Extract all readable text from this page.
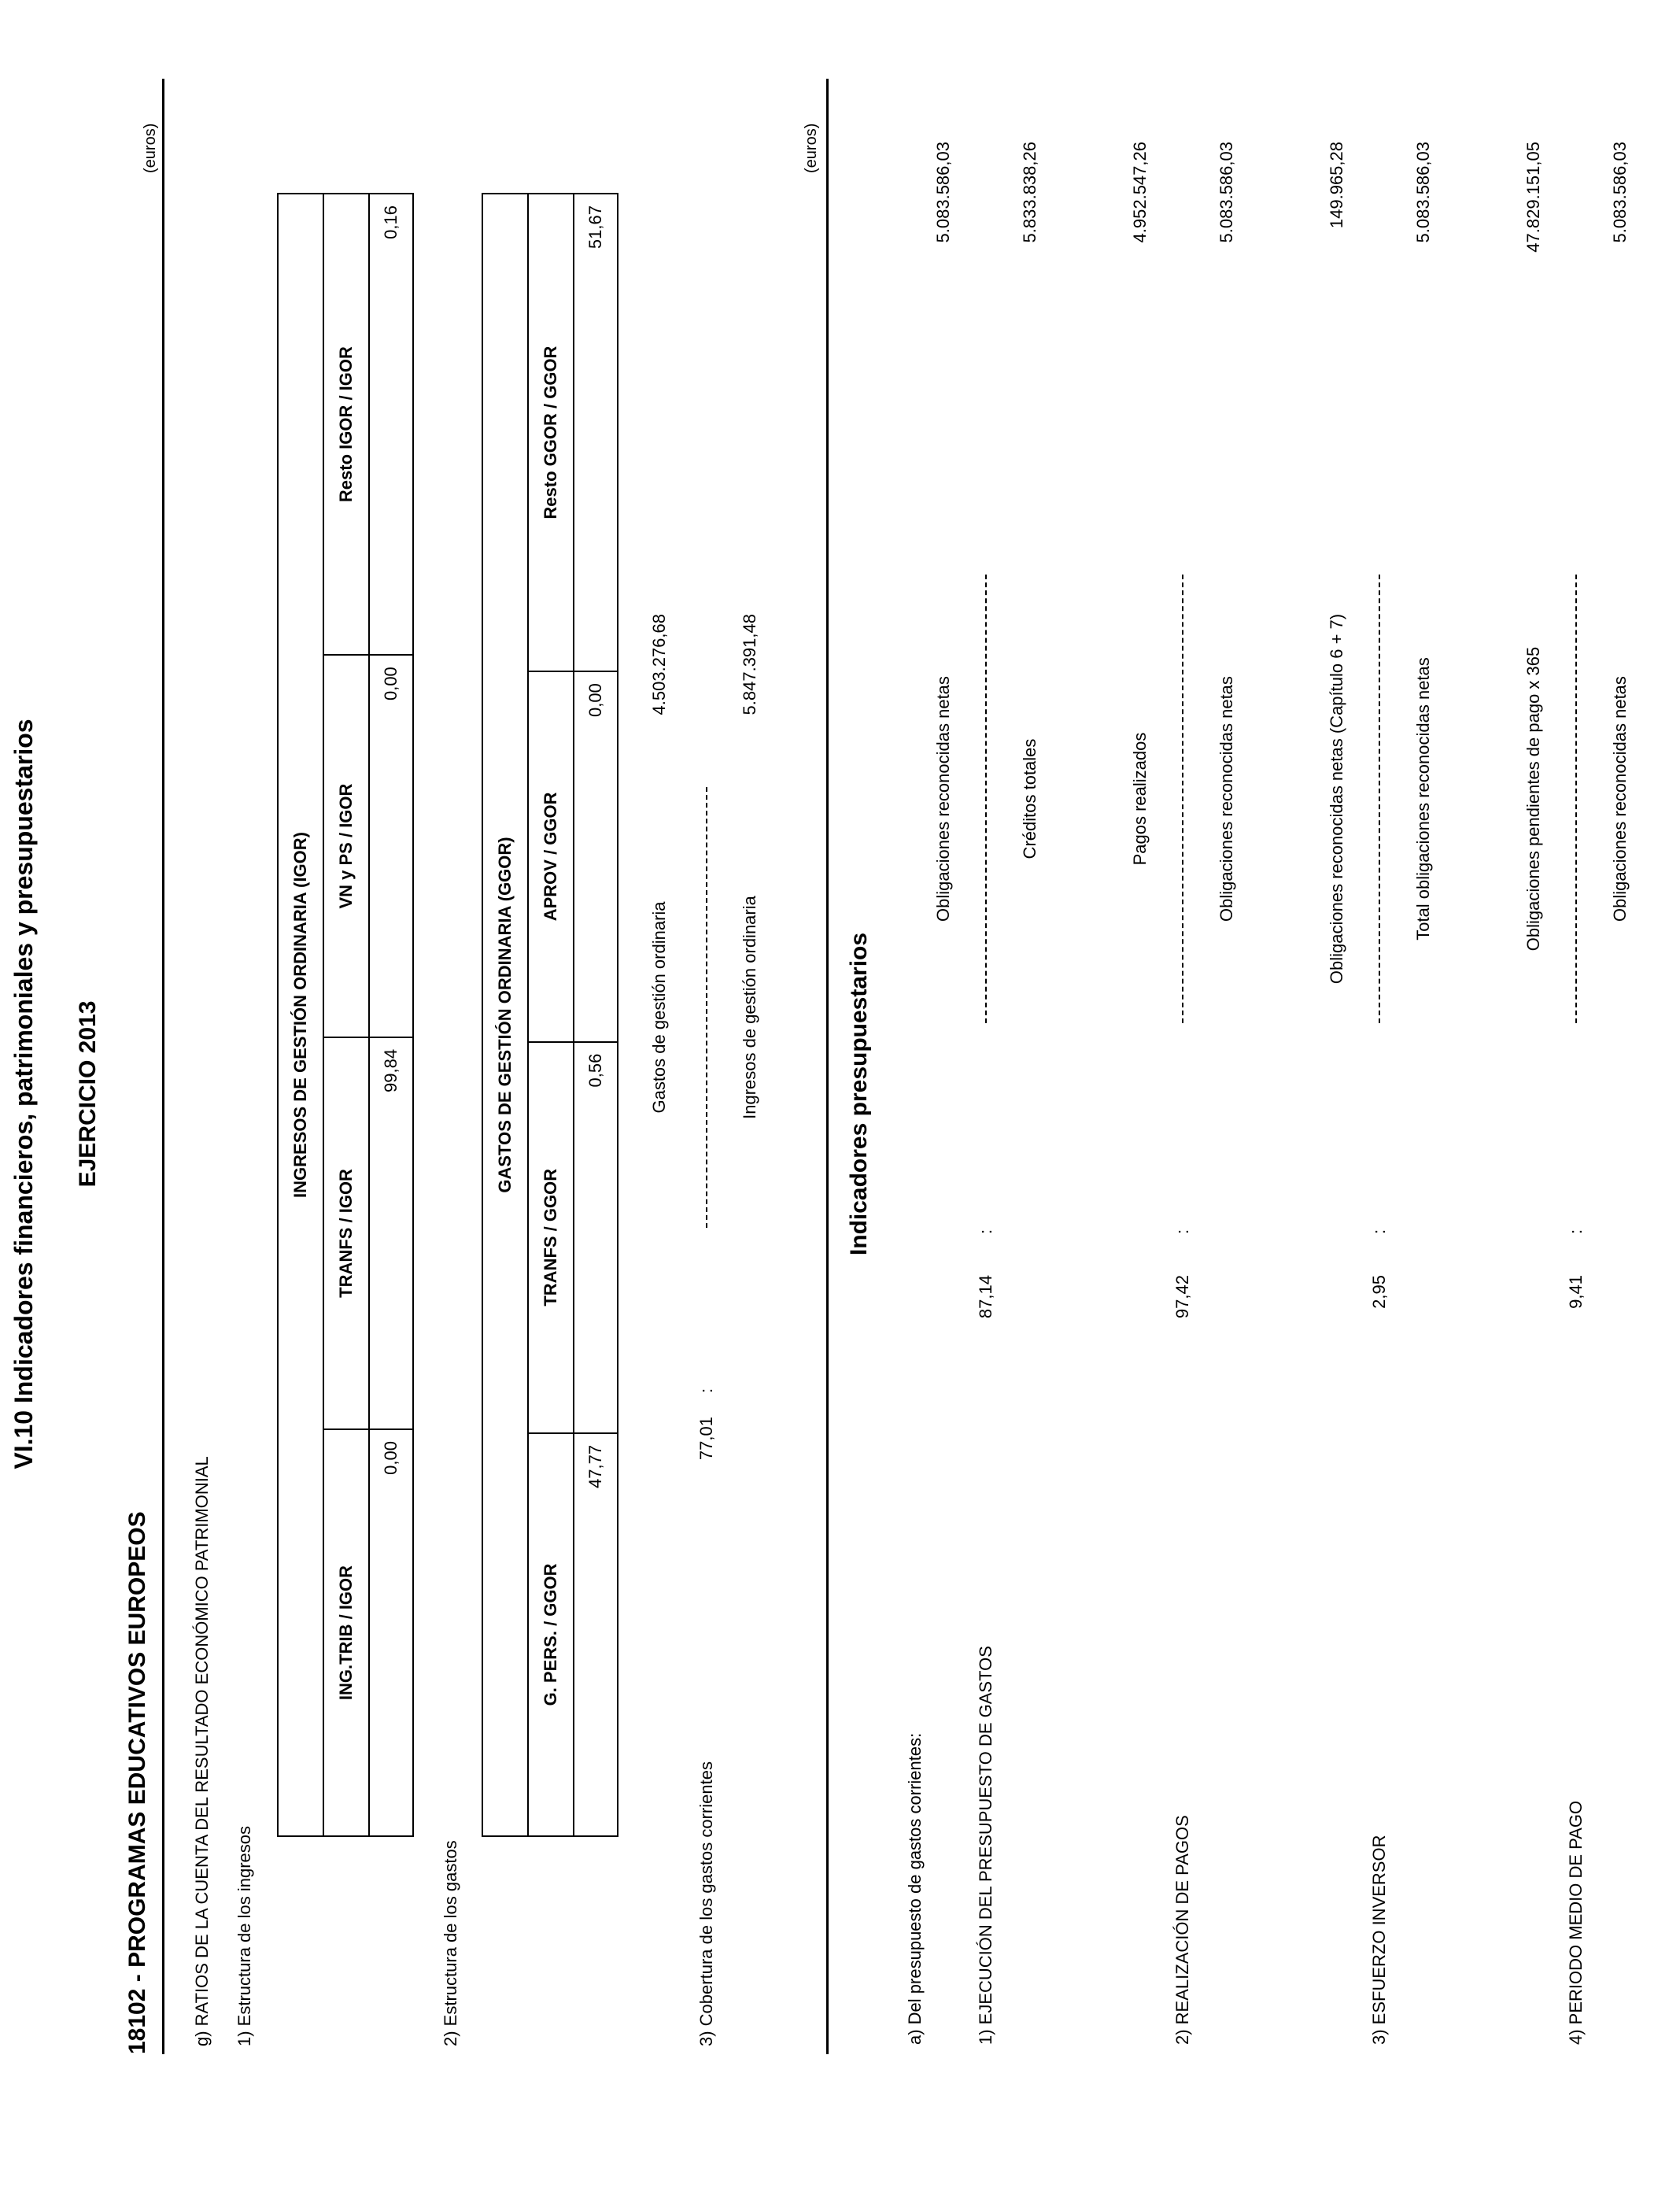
VI.10 Indicadores financieros, patrimoniales y presupuestarios EJERCICIO 2013
18102 - PROGRAMAS EDUCATIVOS EUROPEOS
(euros)
g) RATIOS DE LA CUENTA DEL RESULTADO ECONÓMICO PATRIMONIAL 1) Estructura de los ingresos
INGRESOS DE GESTIÓN ORDINARIA (IGOR)			
ING.TRIB / IGOR	TRANFS / IGOR	VN y PS / IGOR	Resto IGOR / IGOR
0,00	99,84	0,00	0,16
2) Estructura de los gastos
GASTOS DE GESTIÓN ORDINARIA (GGOR)			
G. PERS. / GGOR	TRANFS / GGOR	APROV / GGOR	Resto GGOR / GGOR
47,77	0,56	0,00	51,67
3) Cobertura de los gastos corrientes
77,01
:
Gastos de gestión ordinaria	Ingresos de gestión ordinaria
4.503.276,68	5.847.391,48
(euros)
Indicadores presupuestarios
a) Del presupuesto de gastos corrientes:	1) EJECUCIÓN DEL PRESUPUESTO DE GASTOS
87,14
:
Obligaciones reconocidas netas	Créditos totales
5.083.586,03	5.833.838,26
2) REALIZACIÓN DE PAGOS
97,42
:
Pagos realizados	Obligaciones reconocidas netas
4.952.547,26	5.083.586,03
3) ESFUERZO INVERSOR
2,95
:
Obligaciones reconocidas netas (Capítulo 6 + 7)	Total obligaciones reconocidas netas
149.965,28	5.083.586,03
4) PERIODO MEDIO DE PAGO
9,41
:
Obligaciones pendientes de pago x 365	Obligaciones reconocidas netas
47.829.151,05	5.083.586,03
